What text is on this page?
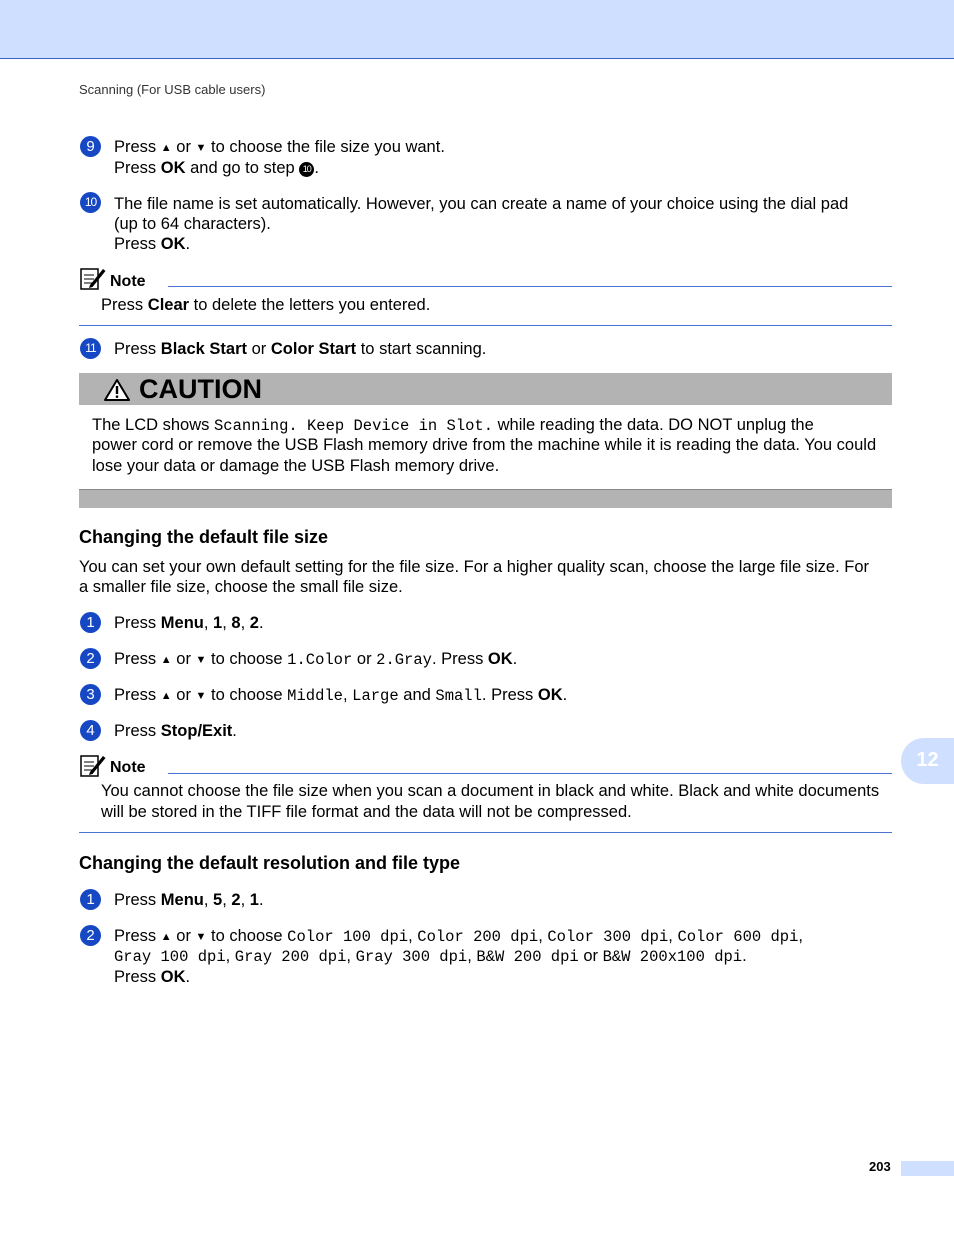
Scanning (For USB cable users)
9	Press ▲ or ▼ to choose the file size you want.
Press OK and go to step 10 .
10 The file name is set automatically. However, you can create a name of your choice using the dial pad
(up to 64 characters).
Press OK.
Note
Press Clear to delete the letters you entered.
11	Press Black Start or Color Start to start scanning.
CAUTION
The LCD shows Scanning. Keep Device in Slot. while reading the data. DO NOT unplug the
power cord or remove the USB Flash memory drive from the machine while it is reading the data. You could
lose your data or damage the USB Flash memory drive.
Changing the default file size
You can set your own default setting for the file size. For a higher quality scan, choose the large file size. For
a smaller file size, choose the small file size.
1	Press Menu, 1, 8, 2.
2	Press ▲ or ▼ to choose 1.Color or 2.Gray. Press OK.
3	Press ▲ or ▼ to choose Middle, Large and Small. Press OK.
4	Press Stop/Exit.
Note
You cannot choose the file size when you scan a document in black and white. Black and white documents
will be stored in the TIFF file format and the data will not be compressed.
Changing the default resolution and file type
1	Press Menu, 5, 2, 1.
2	Press ▲ or ▼ to choose Color 100 dpi, Color 200 dpi, Color 300 dpi, Color 600 dpi,
Gray 100 dpi, Gray 200 dpi, Gray 300 dpi, B&W 200 dpi or B&W 200x100 dpi.
Press OK.
12
203
